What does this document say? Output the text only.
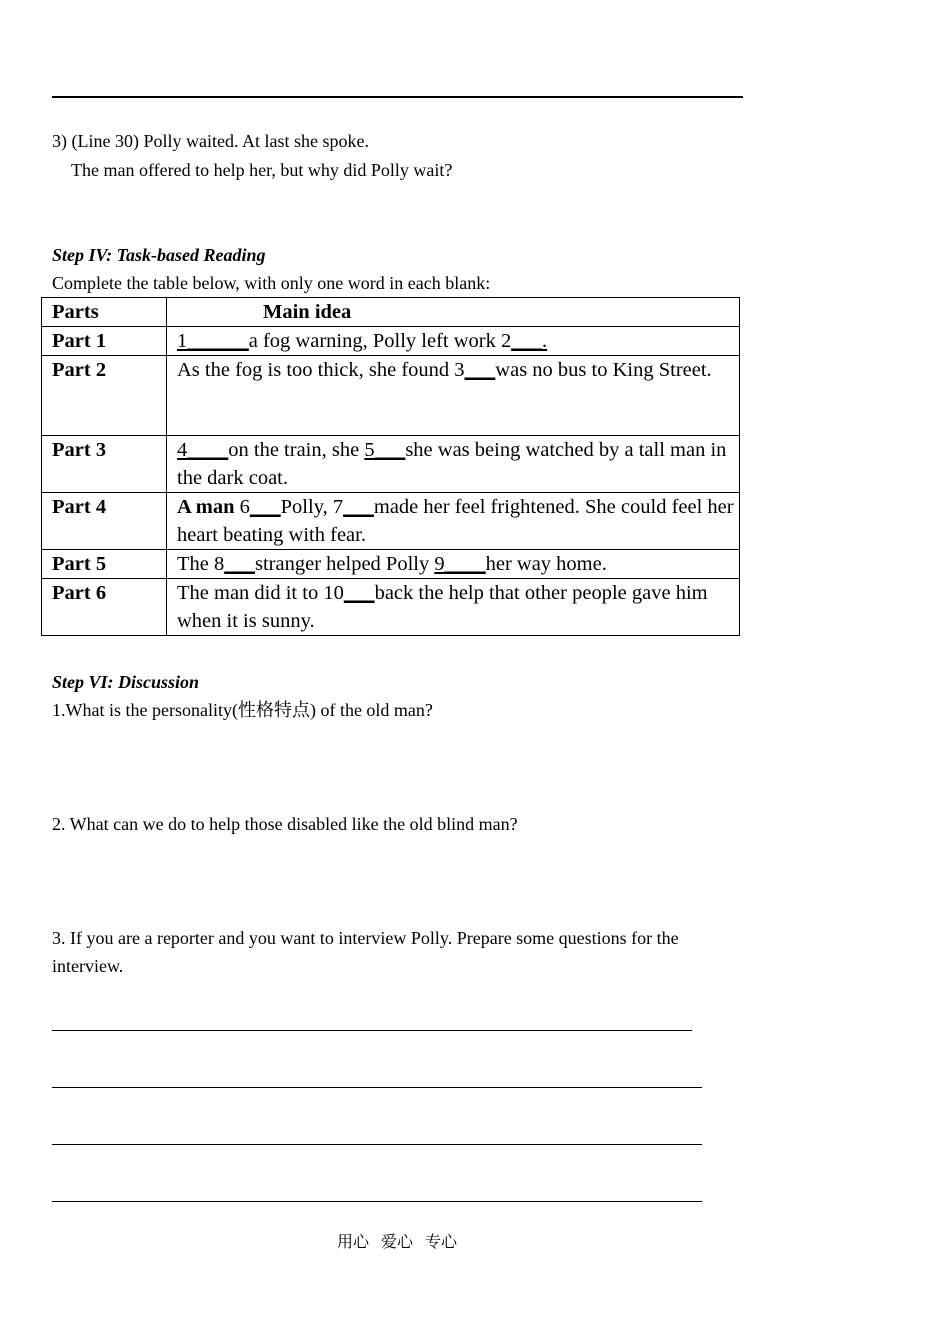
3) (Line 30) Polly waited. At last she spoke.
The man offered to help her, but why did Polly wait?
Step IV: Task-based Reading
Complete the table below, with only one word in each blank:
Parts	Main idea
Part 1	1______a fog warning, Polly left work 2___.
Part 2	As the fog is too thick, she found 3___was no bus to King Street.
Part 3	4____on the train, she 5___she was being watched by a tall man in the dark coat.
Part 4	A man 6___Polly, 7___made her feel frightened. She could feel her heart beating with fear.
Part 5	The 8___stranger helped Polly 9____her way home.
Part 6	The man did it to 10___back the help that other people gave him when it is sunny.
Step VI: Discussion
1.What is the personality(性格特点) of the old man?
2. What can we do to help those disabled like the old blind man?
3. If you are a reporter and you want to interview Polly. Prepare some questions for the
interview.
用心   爱心   专心
